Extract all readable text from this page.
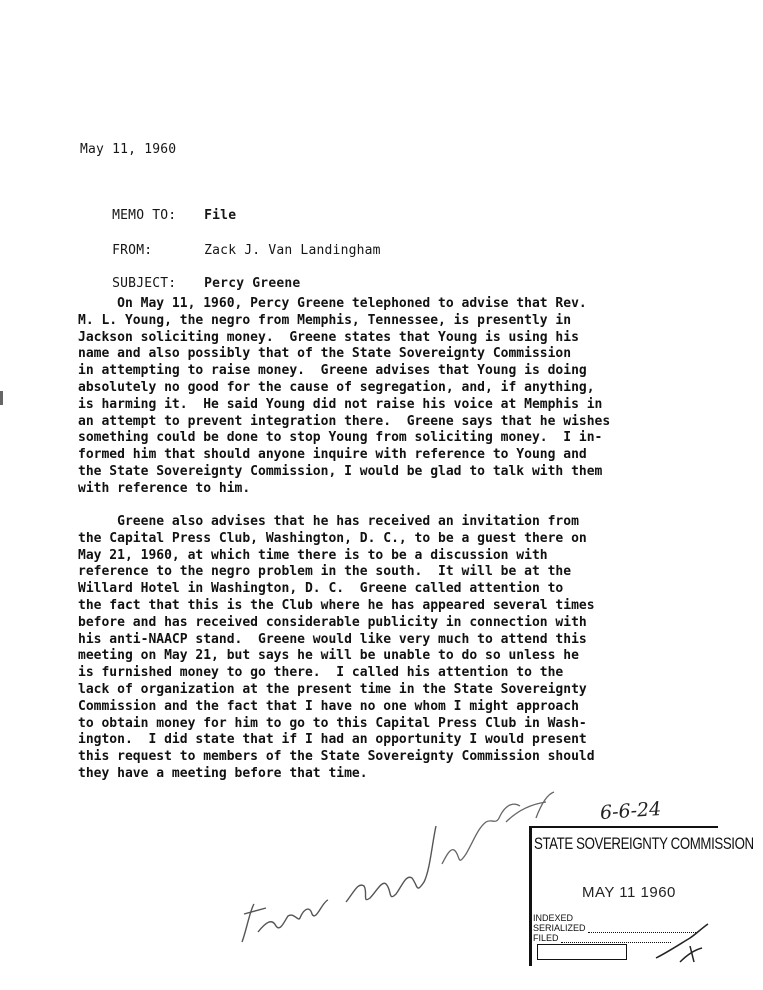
May 11, 1960

MEMO TO: File

FROM:	Zack J. Van Landingham

SUBJECT: Percy Greene

On May 11, 1960, Percy Greene telephoned to advise that Rev.
M. L. Young, the negro from Memphis, Tennessee, is presently in
Jackson soliciting money.  Greene states that Young is using his
name and also possibly that of the State Sovereignty Commission
in attempting to raise money.  Greene advises that Young is doing
absolutely no good for the cause of segregation, and, if anything,
is harming it.  He said Young did not raise his voice at Memphis in
an attempt to prevent integration there.  Greene says that he wishes
something could be done to stop Young from soliciting money.  I in-
formed him that should anyone inquire with reference to Young and
the State Sovereignty Commission, I would be glad to talk with them
with reference to him.
Greene also advises that he has received an invitation from
the Capital Press Club, Washington, D. C., to be a guest there on
May 21, 1960, at which time there is to be a discussion with
reference to the negro problem in the south.  It will be at the
Willard Hotel in Washington, D. C.  Greene called attention to
the fact that this is the Club where he has appeared several times
before and has received considerable publicity in connection with
his anti-NAACP stand.  Greene would like very much to attend this
meeting on May 21, but says he will be unable to do so unless he
is furnished money to go there.  I called his attention to the
lack of organization at the present time in the State Sovereignty
Commission and the fact that I have no one whom I might approach
to obtain money for him to go to this Capital Press Club in Wash-
ington.  I did state that if I had an opportunity I would present
this request to members of the State Sovereignty Commission should
they have a meeting before that time.
6-6-24
STATE SOVEREIGNTY COMMISSION
MAY 11 1960
INDEXED
SERIALIZED
FILED
